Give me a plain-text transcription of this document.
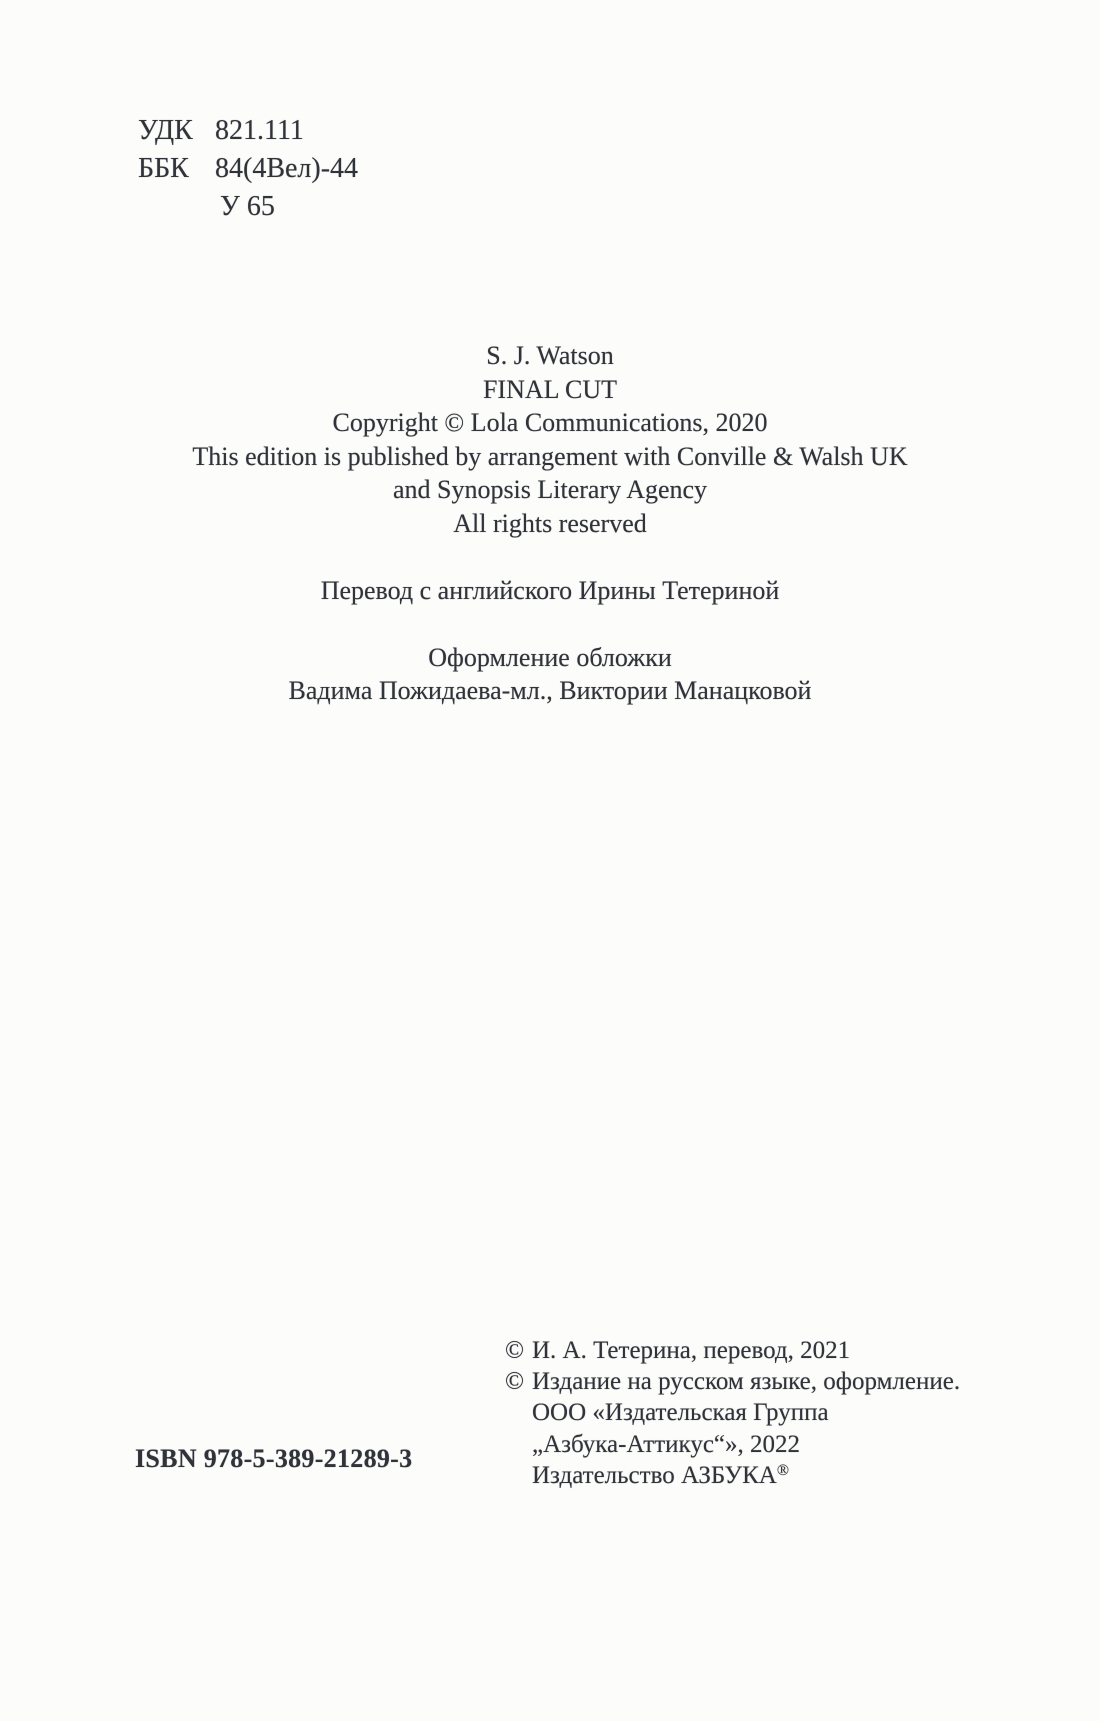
УДК 821.111
ББК 84(4Вел)-44
У 65
S. J. Watson
FINAL CUT
Copyright © Lola Communications, 2020
This edition is published by arrangement with Conville & Walsh UK
and Synopsis Literary Agency
All rights reserved
Перевод с английского Ирины Тетериной
Оформление обложки
Вадима Пожидаева-мл., Виктории Манацковой
© И. А. Тетерина, перевод, 2021
© Издание на русском языке, оформление.
ООО «Издательская Группа
„Азбука-Аттикус“», 2022
Издательство АЗБУКА®
ISBN 978-5-389-21289-3
